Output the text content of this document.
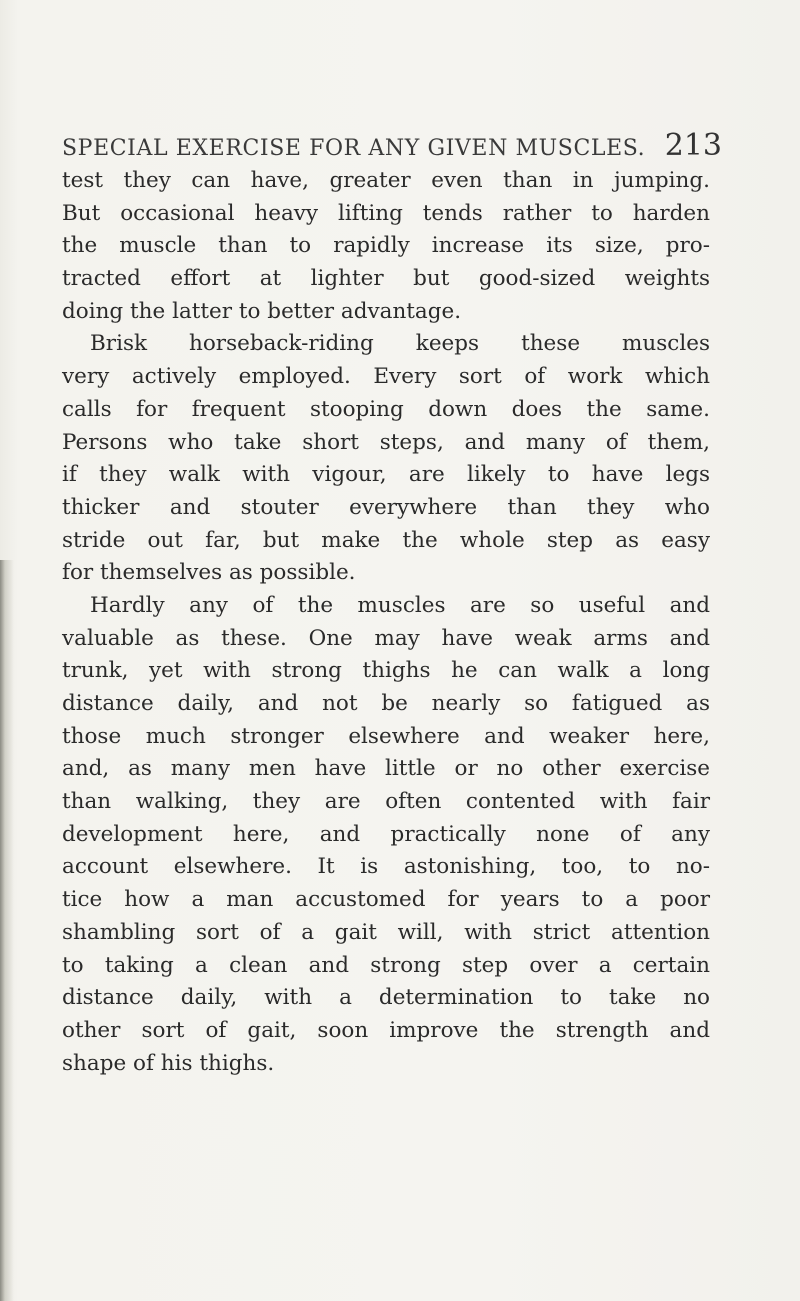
SPECIAL EXERCISE FOR ANY GIVEN MUSCLES. 213
test they can have, greater even than in jumping.
But occasional heavy lifting tends rather to harden
the muscle than to rapidly increase its size, pro-
tracted effort at lighter but good-sized weights
doing the latter to better advantage.
Brisk horseback-riding keeps these muscles
very actively employed. Every sort of work which
calls for frequent stooping down does the same.
Persons who take short steps, and many of them,
if they walk with vigour, are likely to have legs
thicker and stouter everywhere than they who
stride out far, but make the whole step as easy
for themselves as possible.
Hardly any of the muscles are so useful and
valuable as these. One may have weak arms and
trunk, yet with strong thighs he can walk a long
distance daily, and not be nearly so fatigued as
those much stronger elsewhere and weaker here,
and, as many men have little or no other exercise
than walking, they are often contented with fair
development here, and practically none of any
account elsewhere. It is astonishing, too, to no-
tice how a man accustomed for years to a poor
shambling sort of a gait will, with strict attention
to taking a clean and strong step over a certain
distance daily, with a determination to take no
other sort of gait, soon improve the strength and
shape of his thighs.
